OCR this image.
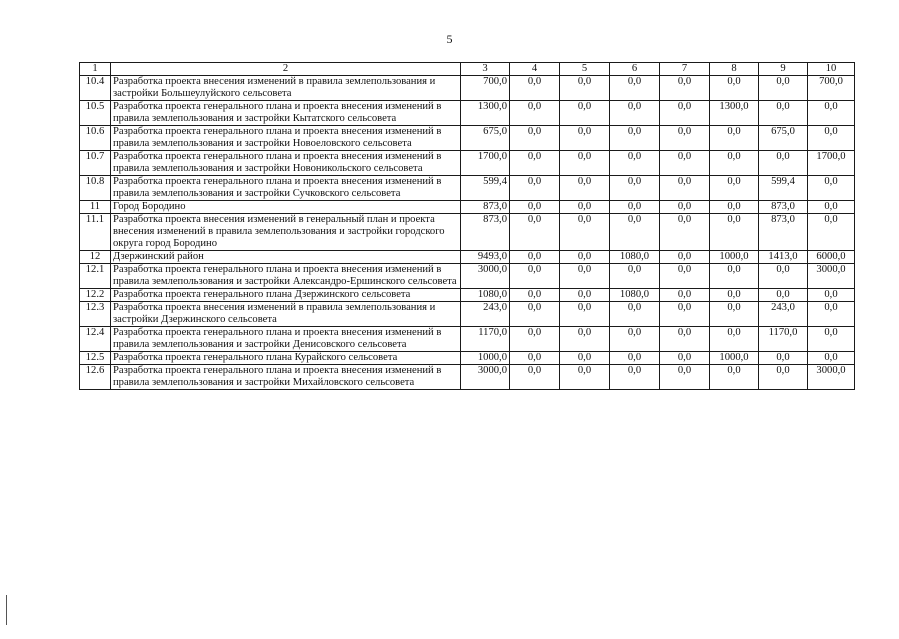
5
1	2	3	4	5	6	7	8	9	10
10.4	Разработка проекта внесения изменений в правила землепользования и застройки Большеулуйского сельсовета	700,0	0,0	0,0	0,0	0,0	0,0	0,0	700,0
10.5	Разработка проекта генерального плана и проекта внесения изменений в правила землепользования и застройки Кытатского сельсовета	1300,0	0,0	0,0	0,0	0,0	1300,0	0,0	0,0
10.6	Разработка проекта генерального плана и проекта внесения изменений в правила землепользования и застройки Новоеловского сельсовета	675,0	0,0	0,0	0,0	0,0	0,0	675,0	0,0
10.7	Разработка проекта генерального плана и проекта внесения изменений в правила землепользования и застройки Новоникольского сельсовета	1700,0	0,0	0,0	0,0	0,0	0,0	0,0	1700,0
10.8	Разработка проекта генерального плана и проекта внесения изменений в правила землепользования и застройки Сучковского сельсовета	599,4	0,0	0,0	0,0	0,0	0,0	599,4	0,0
11	Город Бородино	873,0	0,0	0,0	0,0	0,0	0,0	873,0	0,0
11.1	Разработка проекта внесения изменений в генеральный план и проекта внесения изменений в правила землепользования и застройки городского округа город Бородино	873,0	0,0	0,0	0,0	0,0	0,0	873,0	0,0
12	Дзержинский район	9493,0	0,0	0,0	1080,0	0,0	1000,0	1413,0	6000,0
12.1	Разработка проекта генерального плана и проекта внесения изменений в правила землепользования и застройки Александро-Ершинского сельсовета	3000,0	0,0	0,0	0,0	0,0	0,0	0,0	3000,0
12.2	Разработка проекта генерального плана Дзержинского сельсовета	1080,0	0,0	0,0	1080,0	0,0	0,0	0,0	0,0
12.3	Разработка проекта внесения изменений в правила землепользования и застройки Дзержинского сельсовета	243,0	0,0	0,0	0,0	0,0	0,0	243,0	0,0
12.4	Разработка проекта генерального плана и проекта внесения изменений в правила землепользования и застройки Денисовского сельсовета	1170,0	0,0	0,0	0,0	0,0	0,0	1170,0	0,0
12.5	Разработка проекта генерального плана Курайского сельсовета	1000,0	0,0	0,0	0,0	0,0	1000,0	0,0	0,0
12.6	Разработка проекта генерального плана и проекта внесения изменений в правила землепользования и застройки Михайловского сельсовета	3000,0	0,0	0,0	0,0	0,0	0,0	0,0	3000,0
